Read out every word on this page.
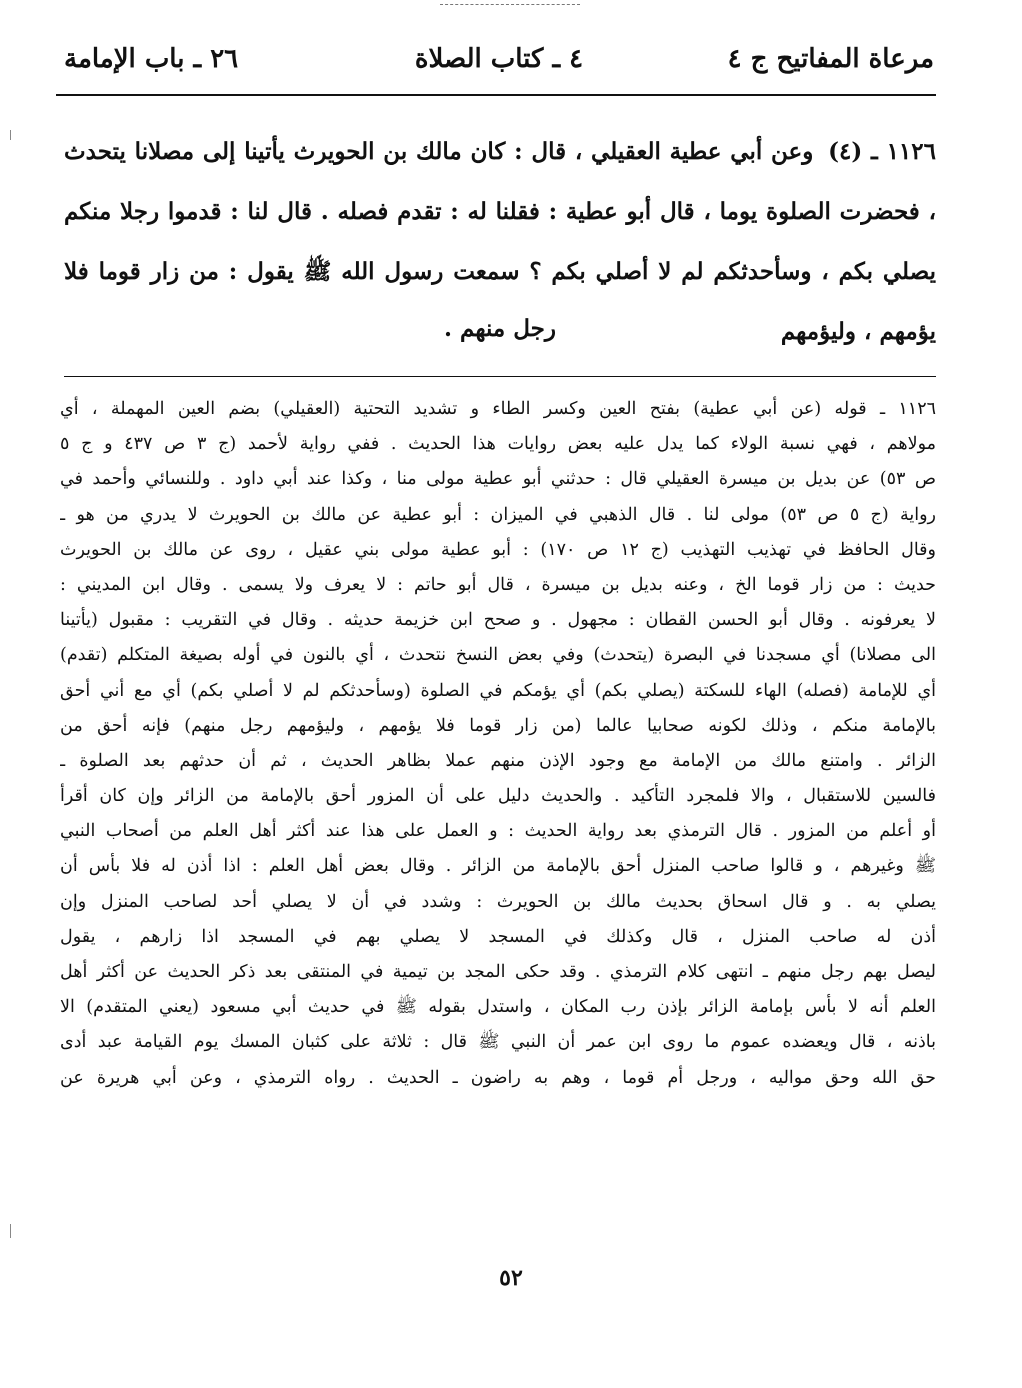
مرعاة المفاتيح ج ٤
٤ ـ كتاب الصلاة
٢٦ ـ باب الإمامة
١١٢٦ ـ (٤) وعن أبي عطية العقيلي ، قال : كان مالك بن الحويرث يأتينا إلى مصلانا يتحدث ، فحضرت الصلوة يوما ، قال أبو عطية : فقلنا له : تقدم فصله . قال لنا : قدموا رجلا منكم يصلي بكم ، وسأحدثكم لم لا أصلي بكم ؟ سمعت رسول الله ﷺ يقول : من زار قوما فلا يؤمهم ، وليؤمهم
رجل منهم .
١١٢٦ ـ قوله (عن أبي عطية) بفتح العين وكسر الطاء و تشديد التحتية (العقيلي) بضم العين المهملة ، أي
مولاهم ، فهي نسبة الولاء كما يدل عليه بعض روايات هذا الحديث . ففي رواية لأحمد (ج ٣ ص ٤٣٧ و ج ٥
ص ٥٣) عن بديل بن ميسرة العقيلي قال : حدثني أبو عطية مولى منا ، وكذا عند أبي داود . وللنسائي وأحمد في
رواية (ج ٥ ص ٥٣) مولى لنا . قال الذهبي في الميزان : أبو عطية عن مالك بن الحويرث لا يدري من هو ـ
وقال الحافظ في تهذيب التهذيب (ج ١٢ ص ١٧٠) : أبو عطية مولى بني عقيل ، روى عن مالك بن الحويرث
حديث : من زار قوما الخ ، وعنه بديل بن ميسرة ، قال أبو حاتم : لا يعرف ولا يسمى . وقال ابن المديني :
لا يعرفونه . وقال أبو الحسن القطان : مجهول . و صحح ابن خزيمة حديثه . وقال في التقريب : مقبول (يأتينا
الى مصلانا) أي مسجدنا في البصرة (يتحدث) وفي بعض النسخ نتحدث ، أي بالنون في أوله بصيغة المتكلم (تقدم)
أي للإمامة (فصله) الهاء للسكتة (يصلي بكم) أي يؤمكم في الصلوة (وسأحدثكم لم لا أصلي بكم) أي مع أني أحق
بالإمامة منكم ، وذلك لكونه صحابيا عالما (من زار قوما فلا يؤمهم ، وليؤمهم رجل منهم) فإنه أحق من
الزائر . وامتنع مالك من الإمامة مع وجود الإذن منهم عملا بظاهر الحديث ، ثم أن حدثهم بعد الصلوة ـ
فالسين للاستقبال ، والا فلمجرد التأكيد . والحديث دليل على أن المزور أحق بالإمامة من الزائر وإن كان أقرأ
أو أعلم من المزور . قال الترمذي بعد رواية الحديث : و العمل على هذا عند أكثر أهل العلم من أصحاب النبي
ﷺ وغيرهم ، و قالوا صاحب المنزل أحق بالإمامة من الزائر . وقال بعض أهل العلم : اذا أذن له فلا بأس أن
يصلي به . و قال اسحاق بحديث مالك بن الحويرث : وشدد في أن لا يصلي أحد لصاحب المنزل وإن
أذن له صاحب المنزل ، قال وكذلك في المسجد لا يصلي بهم في المسجد اذا زارهم ، يقول
ليصل بهم رجل منهم ـ انتهى كلام الترمذي . وقد حكى المجد بن تيمية في المنتقى بعد ذكر الحديث عن أكثر أهل
العلم أنه لا بأس بإمامة الزائر بإذن رب المكان ، واستدل بقوله ﷺ في حديث أبي مسعود (يعني المتقدم) الا
باذنه ، قال ويعضده عموم ما روى ابن عمر أن النبي ﷺ قال : ثلاثة على كثبان المسك يوم القيامة عبد أدى
حق الله وحق مواليه ، ورجل أم قوما ، وهم به راضون ـ الحديث . رواه الترمذي ، وعن أبي هريرة عن
٥٢
